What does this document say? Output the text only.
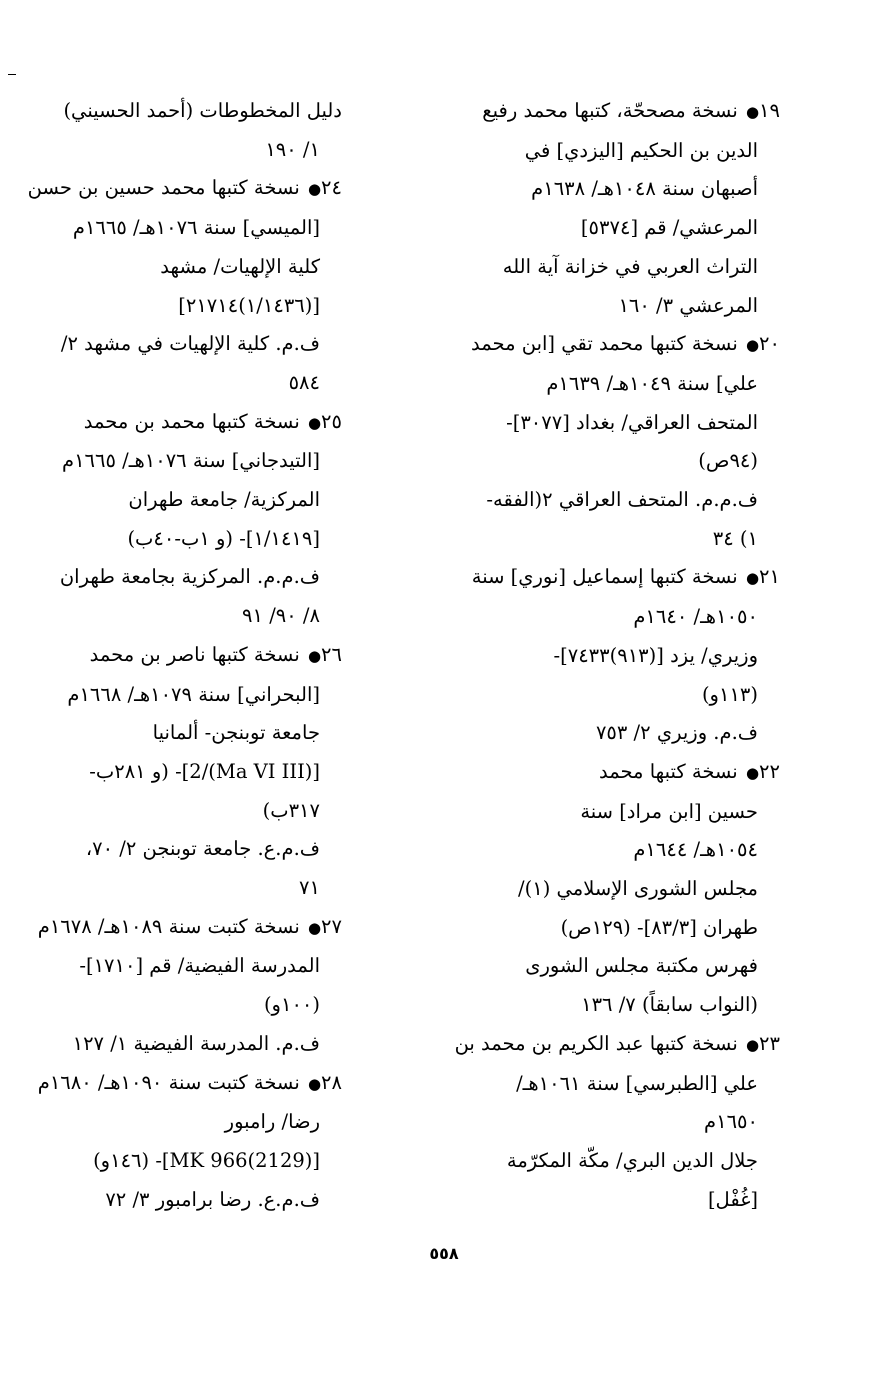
١٩● نسخة مصححّة، كتبها محمد رفيع
الدين بن الحكيم [اليزدي] في
أصبهان سنة ١٠٤٨هـ/ ١٦٣٨م
المرعشي/ قم [٥٣٧٤]
التراث العربي في خزانة آية الله
المرعشي ٣/ ١٦٠
٢٠● نسخة كتبها محمد تقي [ابن محمد
علي] سنة ١٠٤٩هـ/ ١٦٣٩م
المتحف العراقي/ بغداد [٣٠٧٧]-
(٩٤ص)
ف.م.م. المتحف العراقي ٢(الفقه-
١) ٣٤
٢١● نسخة كتبها إسماعيل [نوري] سنة
١٠٥٠هـ/ ١٦٤٠م
وزيري/ يزد [(٩١٣)٧٤٣٣]-
(١١٣و)
ف.م. وزيري ٢/ ٧٥٣
٢٢● نسخة كتبها محمد
حسين [ابن مراد] سنة
١٠٥٤هـ/ ١٦٤٤م
مجلس الشورى الإسلامي (١)/
طهران [٨٣/٣]- (١٢٩ص)
فهرس مكتبة مجلس الشورى
(النواب سابقاً) ٧/ ١٣٦
٢٣● نسخة كتبها عبد الكريم بن محمد بن
علي [الطبرسي] سنة ١٠٦١هـ/
١٦٥٠م
جلال الدين البري/ مكّة المكرّمة
[غُفْل]
دليل المخطوطات (أحمد الحسيني)
١/ ١٩٠
٢٤● نسخة كتبها محمد حسين بن حسن
[الميسي] سنة ١٠٧٦هـ/ ١٦٦٥م
كلية الإلهيات/ مشهد
[(١/١٤٣٦)٢١٧١٤]
ف.م. كلية الإلهيات في مشهد ٢/
٥٨٤
٢٥● نسخة كتبها محمد بن محمد
[التيدجاني] سنة ١٠٧٦هـ/ ١٦٦٥م
المركزية/ جامعة طهران
[١/١٤١٩]- (و ١ب-٤٠ب)
ف.م.م. المركزية بجامعة طهران
٨/ ٩٠/ ٩١
٢٦● نسخة كتبها ناصر بن محمد
[البحراني] سنة ١٠٧٩هـ/ ١٦٦٨م
جامعة توبنجن- ألمانيا
[(Ma VI III)/2]- (و ٢٨١ب-
٣١٧ب)
ف.م.ع. جامعة توبنجن ٢/ ٧٠،
٧١
٢٧● نسخة كتبت سنة ١٠٨٩هـ/ ١٦٧٨م
المدرسة الفيضية/ قم [١٧١٠]-
(١٠٠و)
ف.م. المدرسة الفيضية ١/ ١٢٧
٢٨● نسخة كتبت سنة ١٠٩٠هـ/ ١٦٨٠م
رضا/ رامبور
[(2129)966 MK]- (١٤٦و)
ف.م.ع. رضا برامبور ٣/ ٧٢
٥٥٨
